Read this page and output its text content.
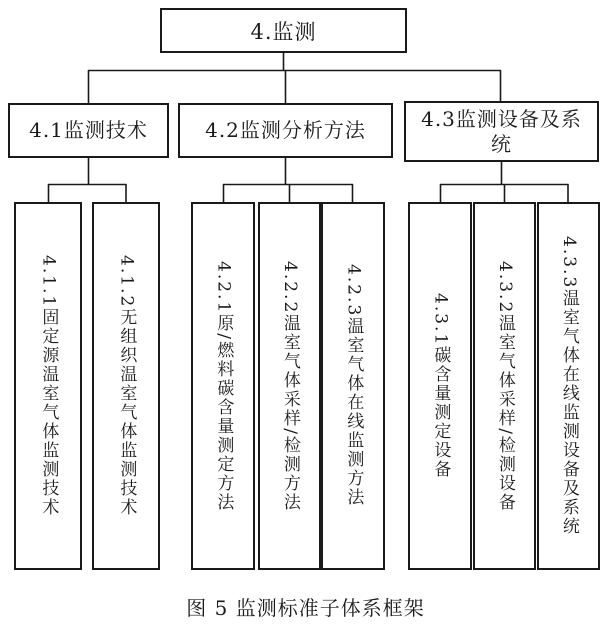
4.监测
4.1监测技术	4.2监测分析方法	4.3监测设备及系统
4.1.1固定源温室气体监测技术	4.1.2无组织温室气体监测技术	4.2.1原/燃料碳含量测定方法	4.2.2温室气体采样/检测方法	4.2.3温室气体在线监测方法	4.3.1碳含量测定设备	4.3.2温室气体采样/检测设备	4.3.3温室气体在线监测设备及系统
图 5 监测标准子体系框架
